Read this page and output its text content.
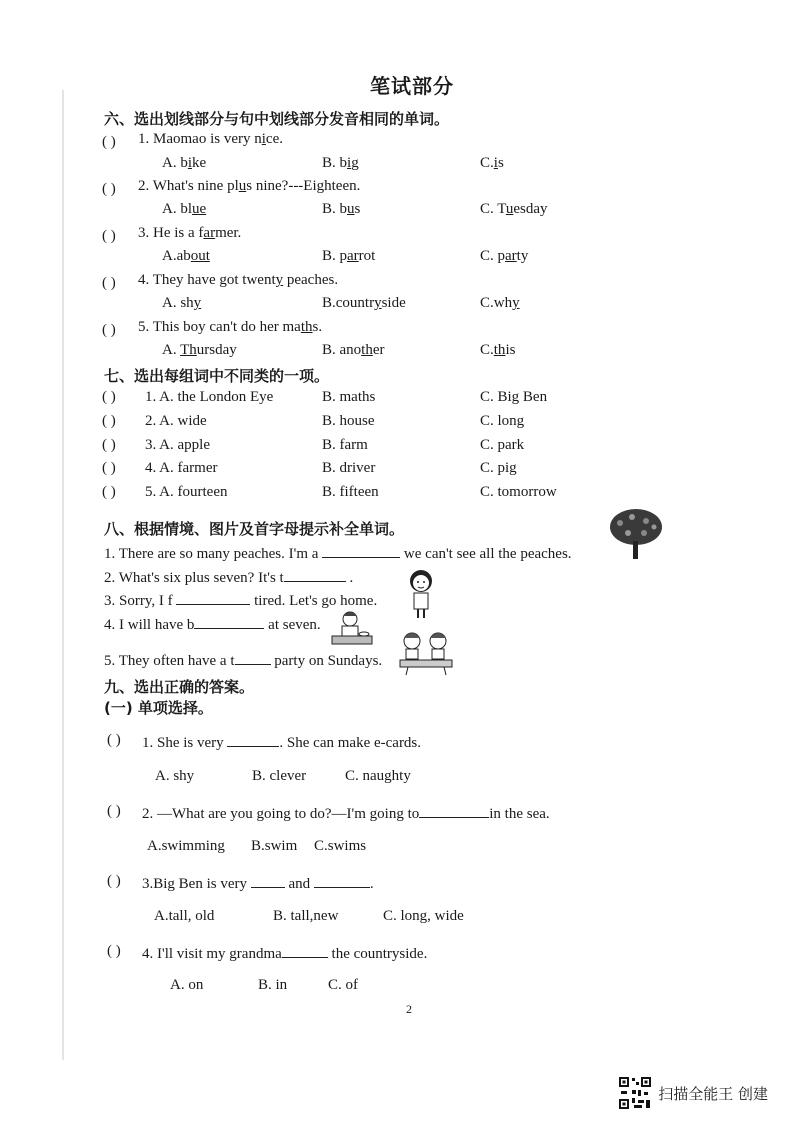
笔试部分
六、选出划线部分与句中划线部分发音相同的单词。
( ) 1. Maomao is very nice.
A. bike	B. big	C.is
( ) 2. What's nine plus nine?---Eighteen.
A. blue	B. bus	C. Tuesday
( ) 3. He is a farmer.
A.about	B. parrot	C. party
( ) 4. They have got twenty peaches.
A. shy	B.countryside	C.why
( ) 5. This boy can't do her maths.
A. Thursday	B. another	C.this
七、选出每组词中不同类的一项。
( ) 1. A. the London Eye	B. maths	C. Big Ben
( ) 2. A. wide	B. house	C. long
( ) 3. A. apple	B. farm	C. park
( ) 4. A. farmer	B. driver	C. pig
( ) 5. A. fourteen	B. fifteen	C. tomorrow
八、根据情境、图片及首字母提示补全单词。
1. There are so many peaches. I'm a	we can't see all the peaches.
2. What's six plus seven? It's t	.
3. Sorry, I f	tired. Let's go home.
4. I will have b	at seven.
5. They often have a t party on Sundays.
九、选出正确的答案。
(一) 单项选择。
( ) 1. She is very	. She can make e-cards.
A. shy	B. clever	C. naughty
( ) 2. —What are you going to do?—I'm going to	in the sea.
A.swimming B.swim C.swims
( ) 3.Big Ben is very  and	.
A.tall, old	B. tall,new	C. long, wide
( ) 4. I'll visit my grandma	the countryside.
A. on	B. in	C. of
2
扫描全能王 创建
